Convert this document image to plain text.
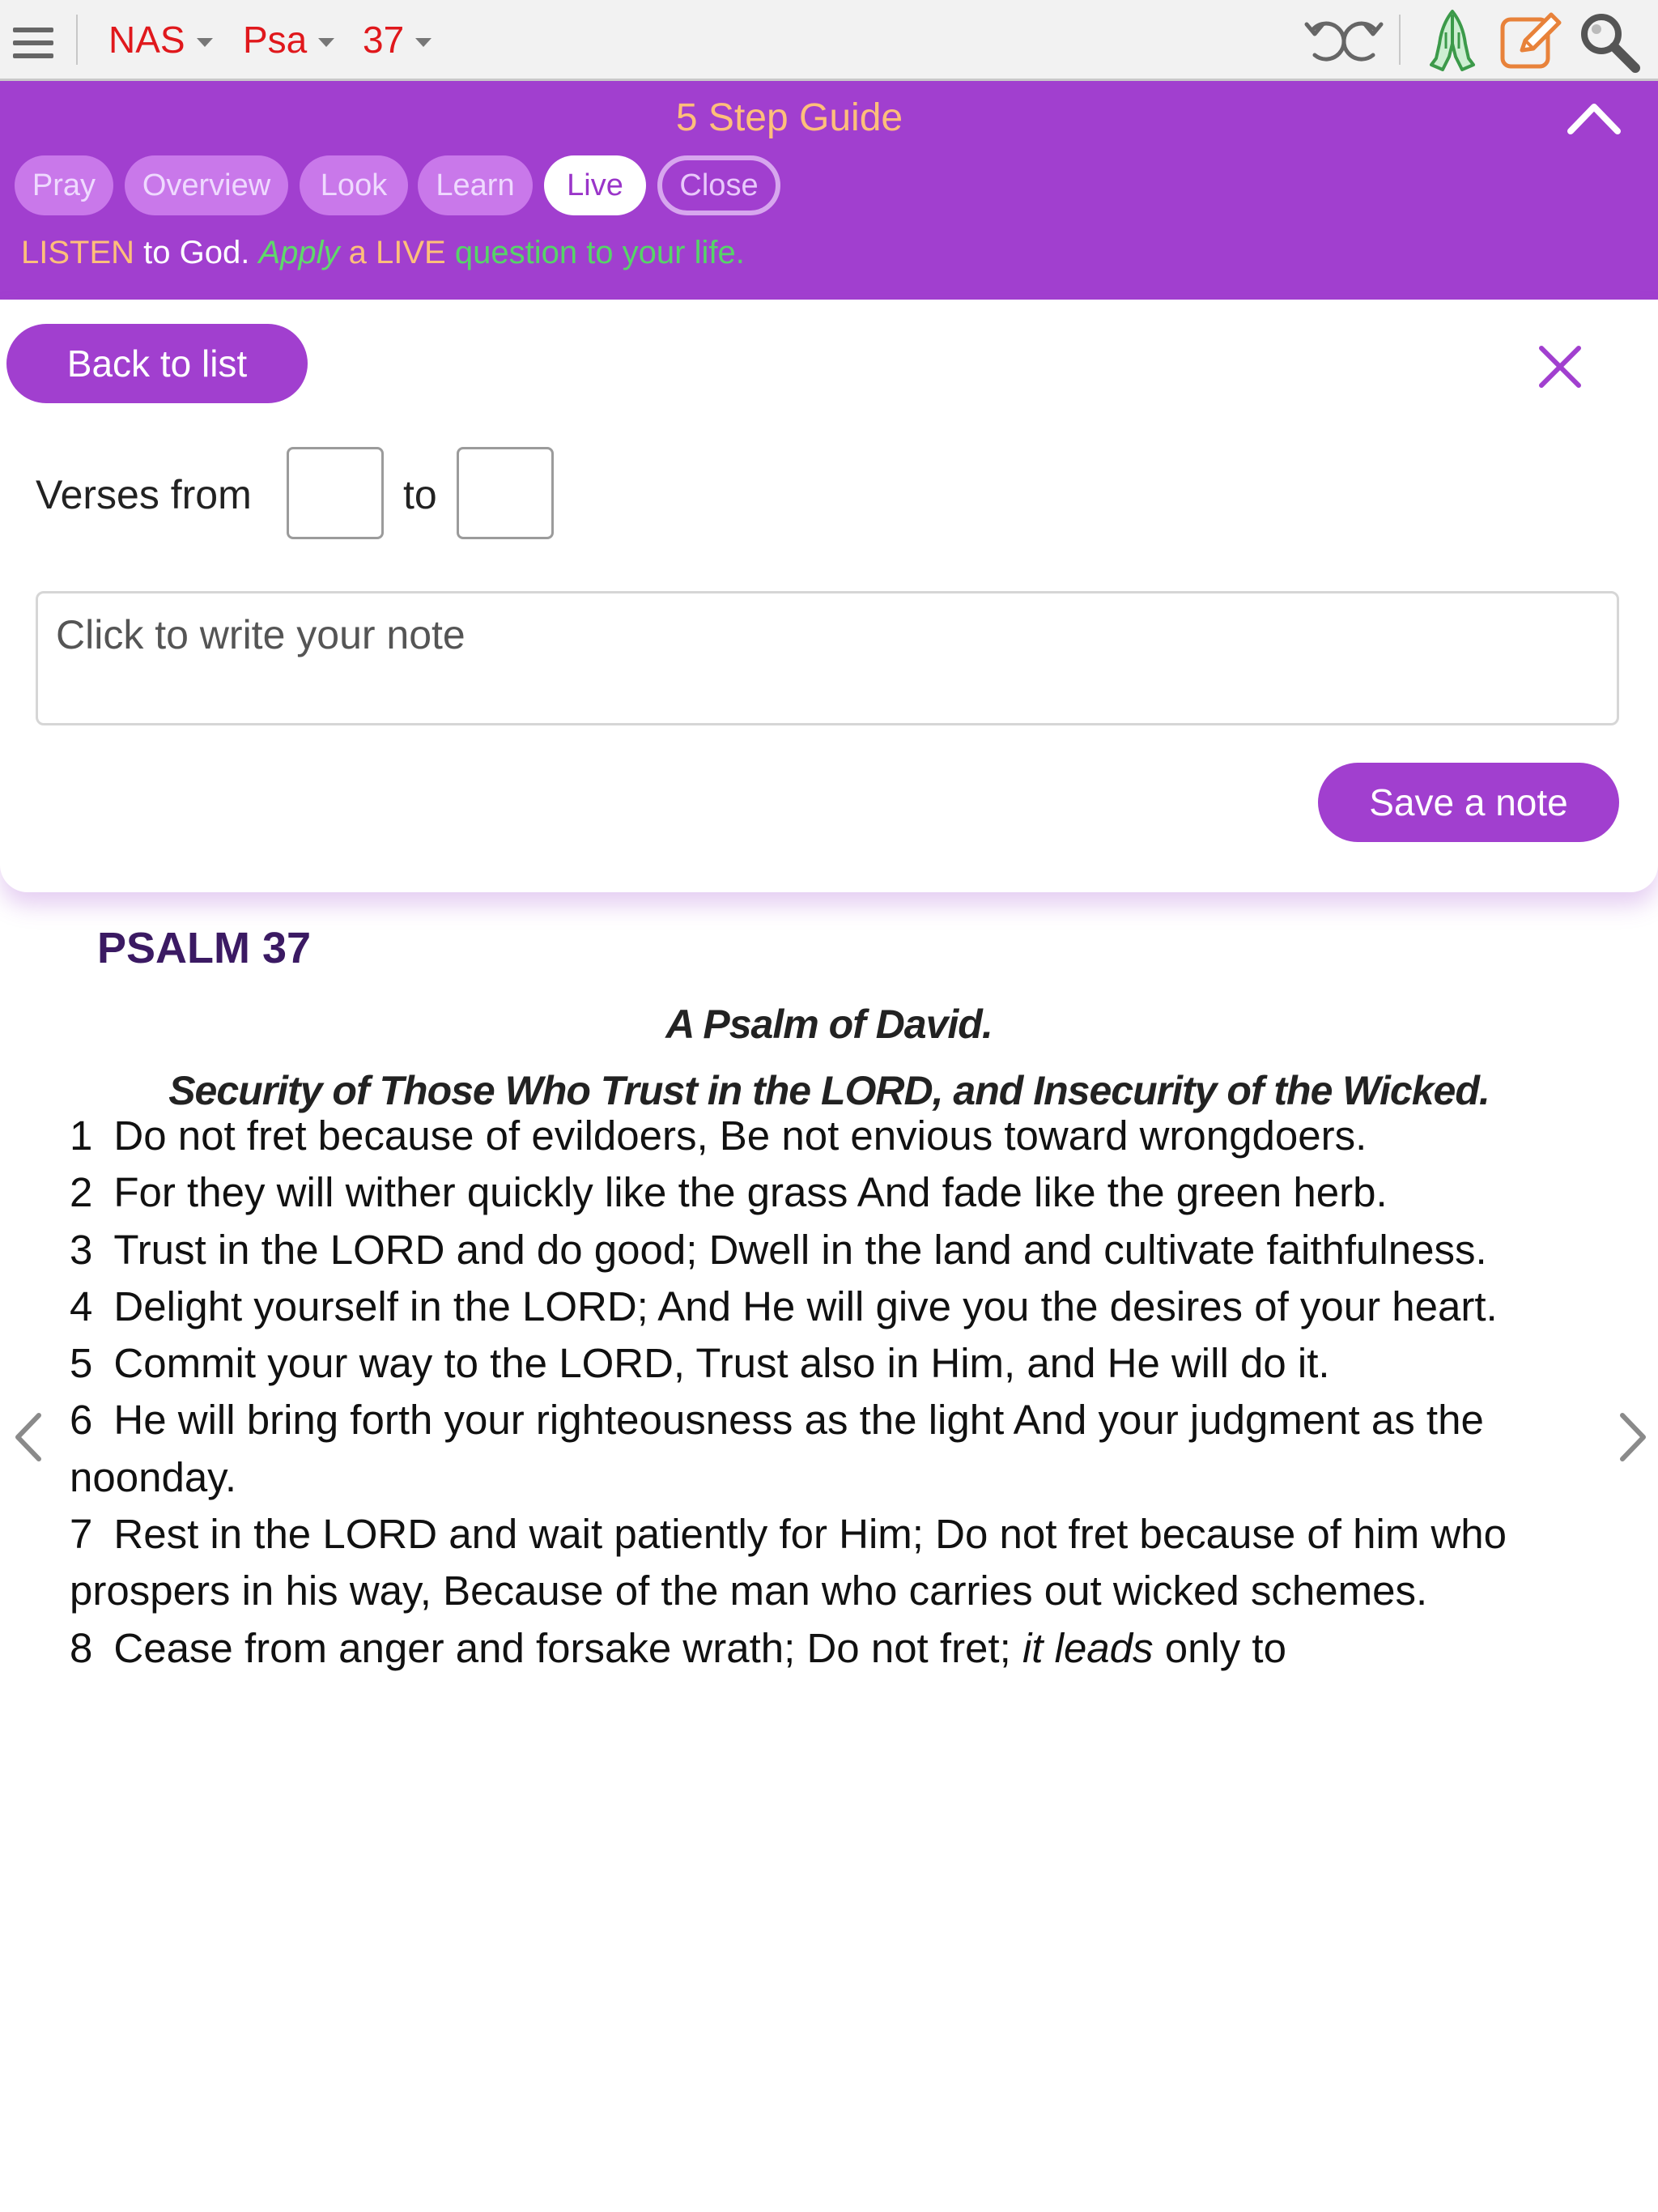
NAS	Psa	37
5 Step Guide
Pray	Overview	Look	Learn	Live	Close
LISTEN to God. Apply a LIVE question to your life.
Back to list
Verses from	to
Click to write your note
Save a note
PSALM 37
A Psalm of David.
Security of Those Who Trust in the LORD, and Insecurity of the Wicked.

1 Do not fret because of evildoers, Be not envious toward wrongdoers.

2 For they will wither quickly like the grass And fade like the green herb.

3 Trust in the LORD and do good; Dwell in the land and cultivate faithfulness.

4 Delight yourself in the LORD; And He will give you the desires of your heart.

5 Commit your way to the LORD, Trust also in Him, and He will do it.

6 He will bring forth your righteousness as the light And your judgment as the noonday.

7 Rest in the LORD and wait patiently for Him; Do not fret because of him who prospers in his way, Because of the man who carries out wicked schemes.

8 Cease from anger and forsake wrath; Do not fret; it leads only to
